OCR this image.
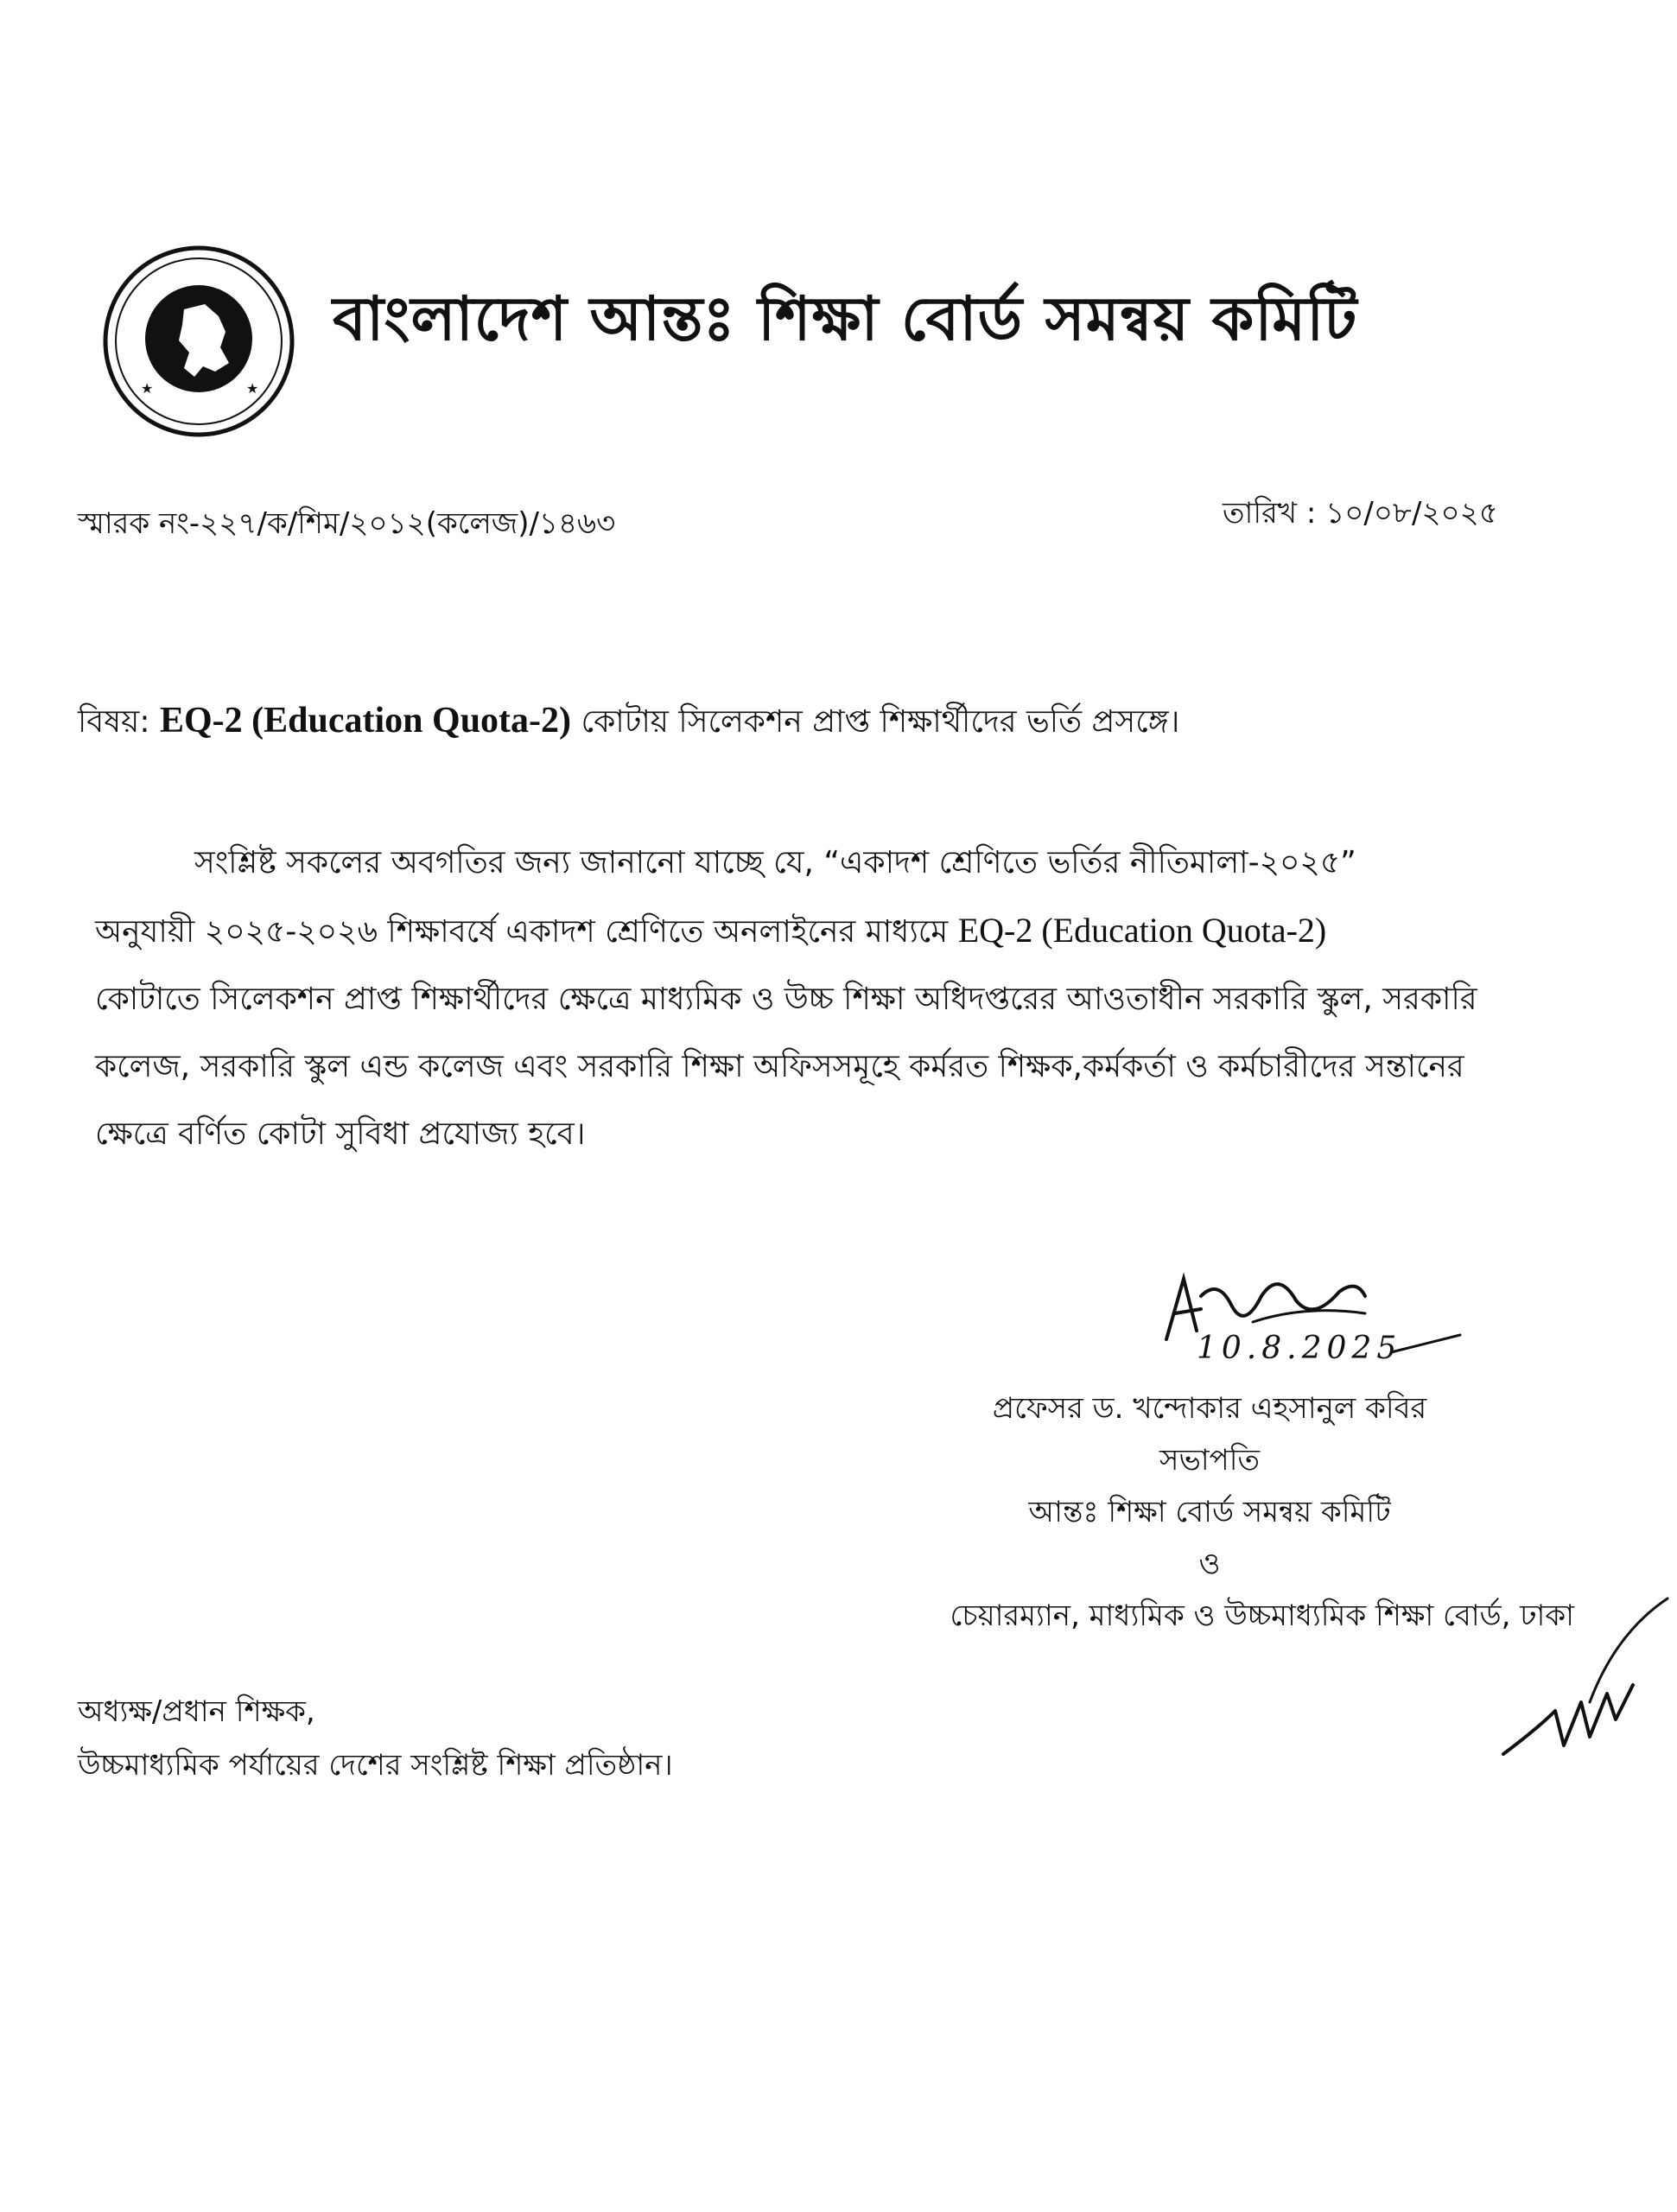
★
★
বাংলাদেশ আন্তঃ শিক্ষা বোর্ড সমন্বয় কমিটি

স্মারক নং-২২৭/ক/শিম/২০১২(কলেজ)/১৪৬৩	তারিখ : ১০/০৮/২০২৫

বিষয়: EQ-2 (Education Quota-2) কোটায় সিলেকশন প্রাপ্ত শিক্ষার্থীদের ভর্তি প্রসঙ্গে।

সংশ্লিষ্ট সকলের অবগতির জন্য জানানো যাচ্ছে যে, “একাদশ শ্রেণিতে ভর্তির নীতিমালা-২০২৫”
অনুযায়ী ২০২৫-২০২৬ শিক্ষাবর্ষে একাদশ শ্রেণিতে অনলাইনের মাধ্যমে EQ-2 (Education Quota-2)
কোটাতে সিলেকশন প্রাপ্ত শিক্ষার্থীদের ক্ষেত্রে মাধ্যমিক ও উচ্চ শিক্ষা অধিদপ্তরের আওতাধীন সরকারি স্কুল, সরকারি
কলেজ, সরকারি স্কুল এন্ড কলেজ এবং সরকারি শিক্ষা অফিসসমূহে কর্মরত শিক্ষক,কর্মকর্তা ও কর্মচারীদের সন্তানের
ক্ষেত্রে বর্ণিত কোটা সুবিধা প্রযোজ্য হবে।

10.8.2025

প্রফেসর ড. খন্দোকার এহসানুল কবির
সভাপতি
আন্তঃ শিক্ষা বোর্ড সমন্বয় কমিটি
ও
চেয়ারম্যান, মাধ্যমিক ও উচ্চমাধ্যমিক শিক্ষা বোর্ড, ঢাকা
অধ্যক্ষ/প্রধান শিক্ষক,
উচ্চমাধ্যমিক পর্যায়ের দেশের সংশ্লিষ্ট শিক্ষা প্রতিষ্ঠান।
